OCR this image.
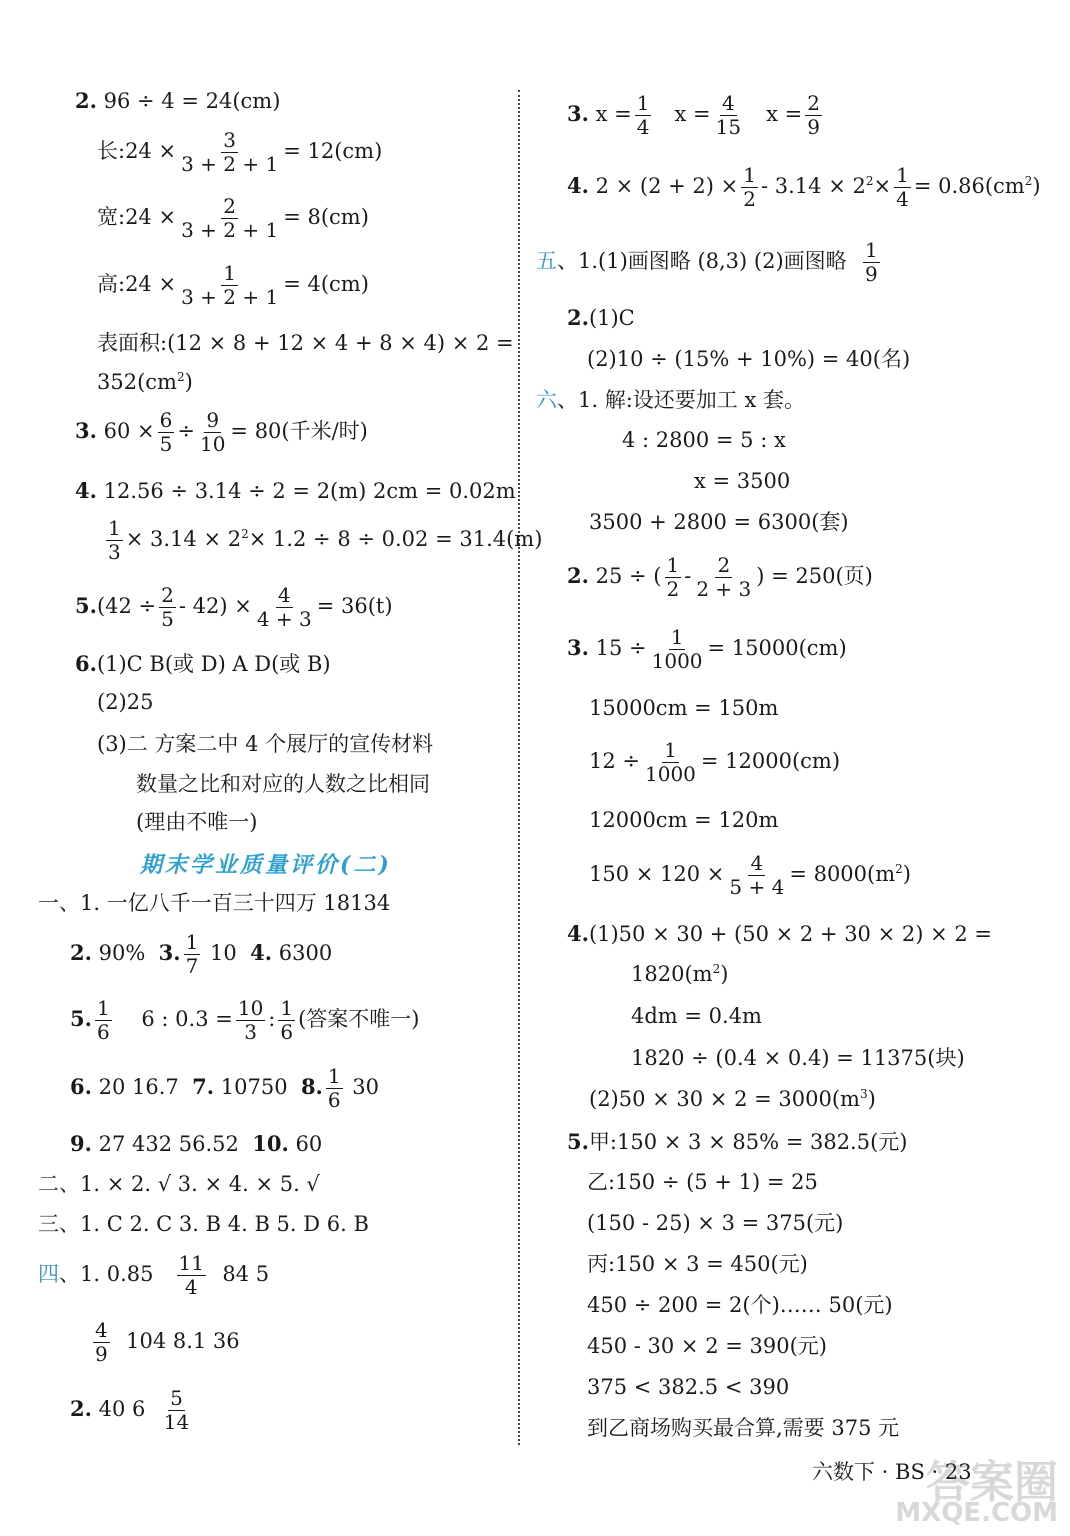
2. 96 ÷ 4 = 24(cm)
长:24 × $\frac{3}{3 + 2 + 1} = 12(cm)$
宽:24 × $\frac{2}{3 + 2 + 1} = 8(cm)$
高:24 × $\frac{1}{3 + 2 + 1} = 4(cm)$
表面积:(12 × 8 + 12 × 4 + 8 × 4) × 2 =
$352(cm^2)$
3. $60 \times \frac{6}{5} \div \frac{9}{10} = 80$(千米/时)
4. 12.56 ÷ 3.14 ÷ 2 = 2(m) 2cm = 0.02m
$\frac{1}{3} \times 3.14 \times 2^2\times 1.2 \div 8 \div 0.02 = 31.4(m)$
$5.(42 \div \frac{2}{5} - 42) \times \frac{4}{4 + 3} = 36(t)$
6.(1)C B(或 D) A D(或 B)
(2)25
(3)二 方案二中 4 个展厅的宣传材料
数量之比和对应的人数之比相同
(理由不唯一)
期末学业质量评价(二)
一、1. 一亿八千一百三十四万 18134
2. 90% 3. $\frac{1}{7} 10$ 4. 6300
5. $\frac{1}{6} 6$ : $0.3 = \frac{10}{3}$ : $\frac{1}{6}$ (答案不唯一)
6. 20 16.7 7. 10750 8. $\frac{1}{6} 30$
9. 27 432 56.52 10. 60
二、1. × 2. √ 3. × 4. × 5. √
三、1. C 2. C 3. B 4. B 5. D 6. B
四、1. $0.85 \frac{11}{4} 84$ 5
$\frac{4}{9} 104$ 8.1 36
2. 40 $6 \frac{5}{14}$
3. $x = \frac{1}{4}$ $x = \frac{4}{15}$ $x = \frac{2}{9}$
4. $2 \times (2 + 2) \times \frac{1}{2} - 3.14 \times 2^2\times \frac{1}{4} = 0.86(cm^2)$
五、1.(1)画图略 (8,3) (2)画图略 $\frac{1}{9}$
2.(1)C
(2)10 ÷ (15% + 10%) = 40(名)
六、1. 解:设还要加工 x 套。
4 : 2800 = 5 : x
x = 3500
3500 + 2800 = 6300(套)
2. 25 ÷ ( $\frac{1}{2} - \frac{2}{2 + 3}$ ) = 250(页)
3. $15 \div \frac{1}{1000} = 15000(cm)$
15000cm = 150m
$12 \div \frac{1}{1000} = 12000(cm)$
12000cm = 120m
$150 \times 120 \times \frac{4}{5 + 4} = 8000(m^2)$
4.(1)50 × 30 + (50 × 2 + 30 × 2) × 2 =
$1820(m^2)$
4dm = 0.4m
1820 ÷ (0.4 × 0.4) = 11375(块)
$(2)50 \times 30 \times 2 = 3000(m^3)$
5.甲:150 × 3 × 85% = 382.5(元)
乙:150 ÷ (5 + 1) = 25
(150 - 25) × 3 = 375(元)
丙:150 × 3 = 450(元)
450 ÷ 200 = 2(个)…… 50(元)
450 - 30 × 2 = 390(元)
375 < 382.5 < 390
到乙商场购买最合算,需要 375 元
六数下 · BS · 23
答案圈
MXQE.COM
